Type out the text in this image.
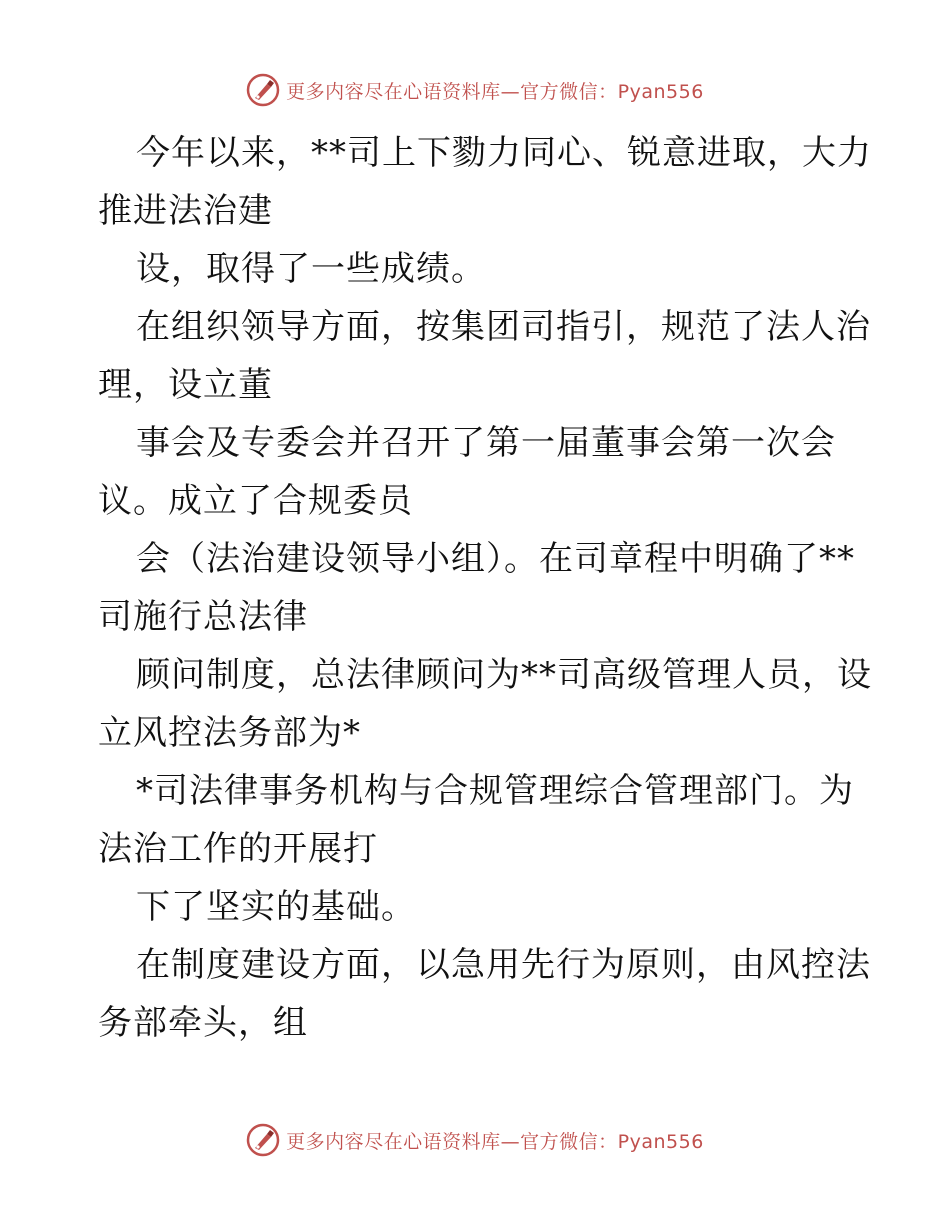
更多内容尽在心语资料库—官方微信：Pyan556
今年以来，**司上下勠力同心、锐意进取，大力
推进法治建
设，取得了一些成绩。
在组织领导方面，按集团司指引，规范了法人治
理，设立董
事会及专委会并召开了第一届董事会第一次会
议。成立了合规委员
会（法治建设领导小组）。在司章程中明确了**
司施行总法律
顾问制度，总法律顾问为**司高级管理人员，设
立风控法务部为*
*司法律事务机构与合规管理综合管理部门。为
法治工作的开展打
下了坚实的基础。
在制度建设方面，以急用先行为原则，由风控法
务部牵头，组
更多内容尽在心语资料库—官方微信：Pyan556
